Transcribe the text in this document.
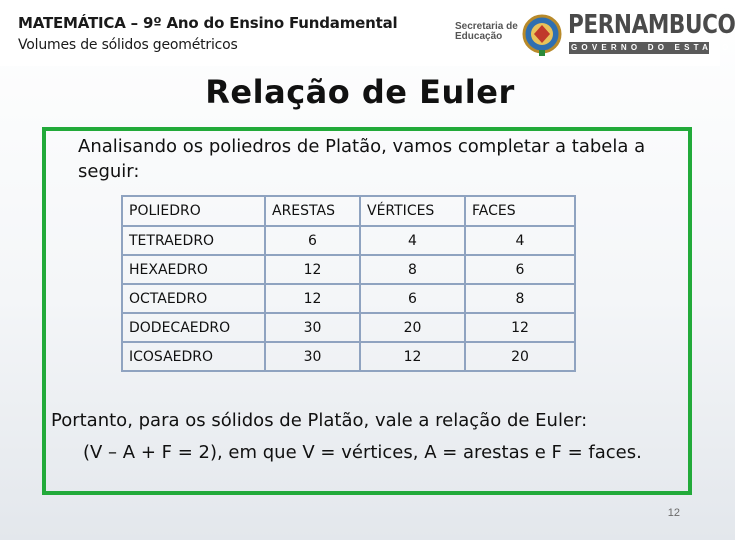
MATEMÁTICA – 9º Ano do Ensino Fundamental
Volumes de sólidos geométricos
Secretaria de
Educação	PERNAMBUCO
GOVERNO DO ESTADO
Relação de Euler
Analisando os poliedros de Platão, vamos completar a tabela a seguir:
POLIEDRO	ARESTAS	VÉRTICES	FACES
TETRAEDRO	6	4	4
HEXAEDRO	12	8	6
OCTAEDRO	12	6	8
DODECAEDRO	30	20	12
ICOSAEDRO	30	12	20
Portanto, para os sólidos de Platão, vale a relação de Euler:
(V – A + F = 2), em que V = vértices, A = arestas e F = faces.
12
